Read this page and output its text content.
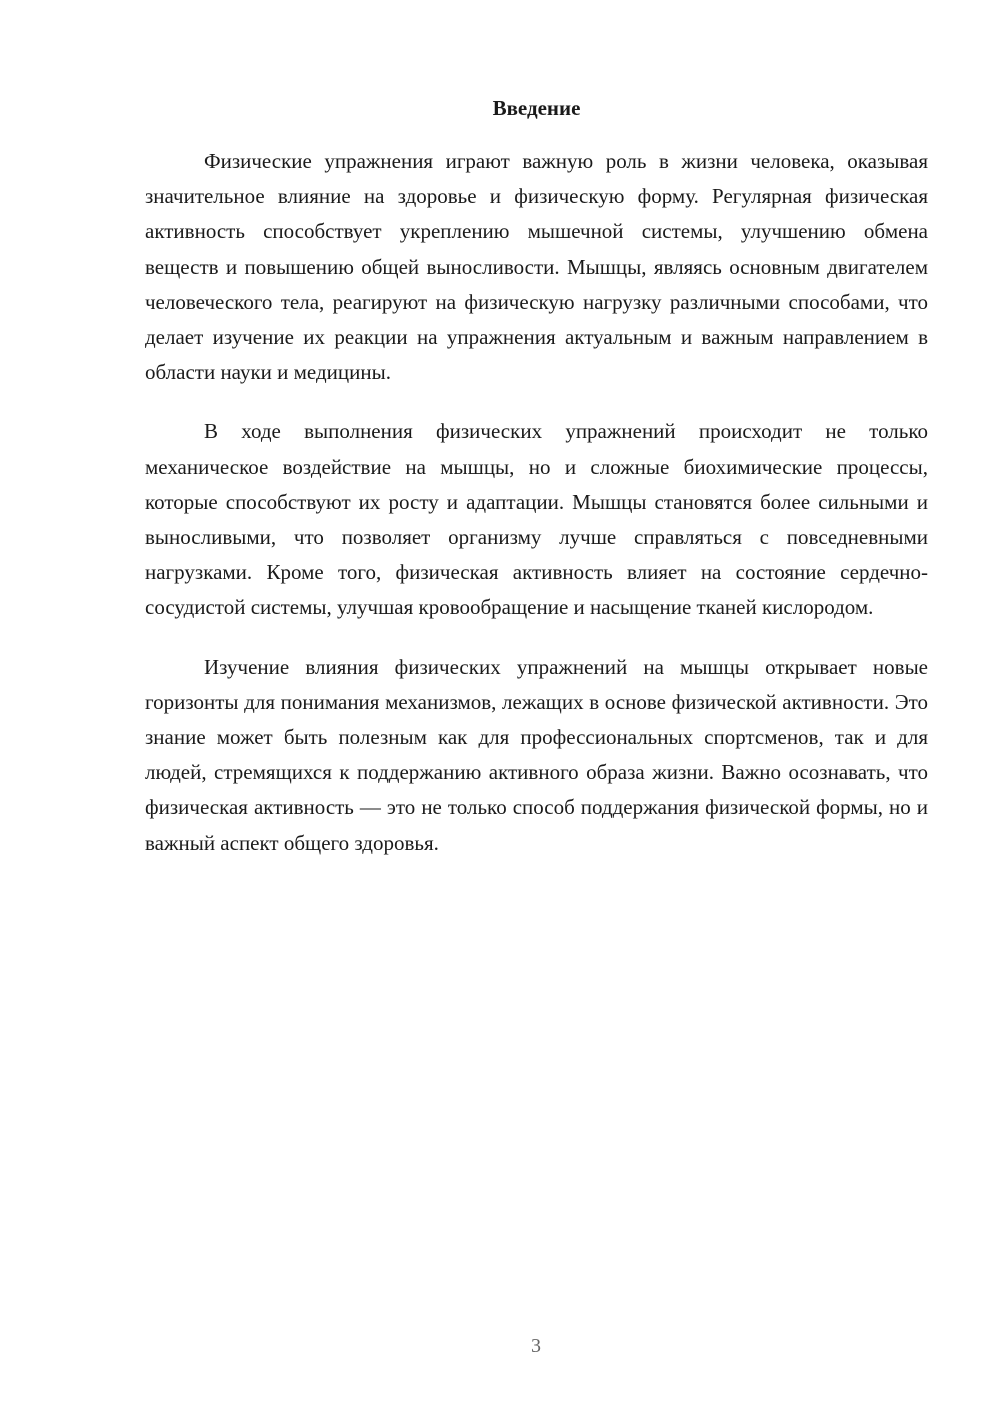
Введение

Физические упражнения играют важную роль в жизни человека, оказывая значительное влияние на здоровье и физическую форму. Регулярная физическая активность способствует укреплению мышечной системы, улучшению обмена веществ и повышению общей выносливости. Мышцы, являясь основным двигателем человеческого тела, реагируют на физическую нагрузку различными способами, что делает изучение их реакции на упражнения актуальным и важным направлением в области науки и медицины.

В ходе выполнения физических упражнений происходит не только механическое воздействие на мышцы, но и сложные биохимические процессы, которые способствуют их росту и адаптации. Мышцы становятся более сильными и выносливыми, что позволяет организму лучше справляться с повседневными нагрузками. Кроме того, физическая активность влияет на состояние сердечно-сосудистой системы, улучшая кровообращение и насыщение тканей кислородом.

Изучение влияния физических упражнений на мышцы открывает новые горизонты для понимания механизмов, лежащих в основе физической активности. Это знание может быть полезным как для профессиональных спортсменов, так и для людей, стремящихся к поддержанию активного образа жизни. Важно осознавать, что физическая активность — это не только способ поддержания физической формы, но и важный аспект общего здоровья.

3
